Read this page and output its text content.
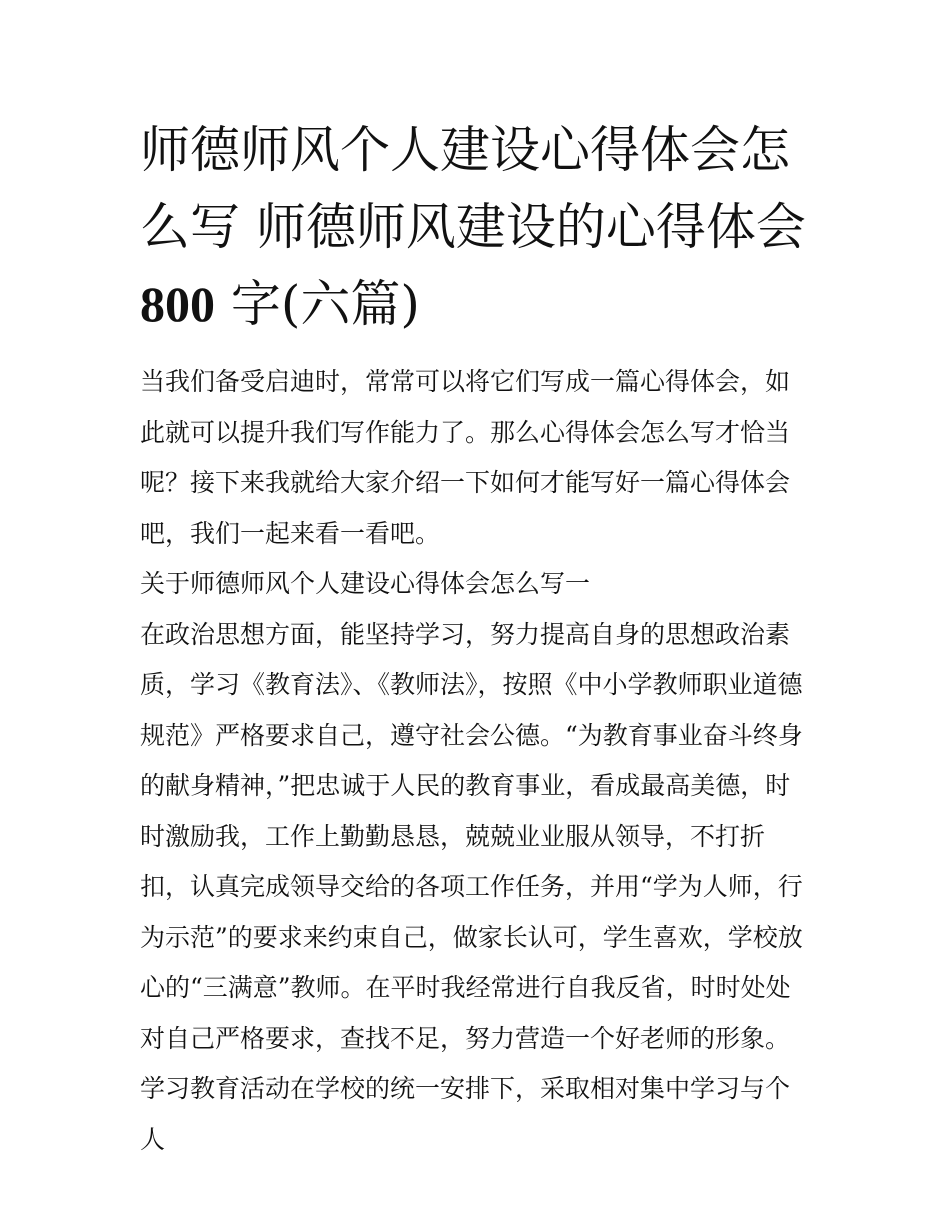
师德师风个人建设心得体会怎么写 师德师风建设的心得体会800 字(六篇)

当我们备受启迪时，常常可以将它们写成一篇心得体会，如此就可以提升我们写作能力了。那么心得体会怎么写才恰当呢？接下来我就给大家介绍一下如何才能写好一篇心得体会吧，我们一起来看一看吧。

关于师德师风个人建设心得体会怎么写一

在政治思想方面，能坚持学习，努力提高自身的思想政治素质，学习《教育法》、《教师法》，按照《中小学教师职业道德规范》严格要求自己，遵守社会公德。“为教育事业奋斗终身的献身精神，”把忠诚于人民的教育事业，看成最高美德，时时激励我，工作上勤勤恳恳，兢兢业业服从领导，不打折扣，认真完成领导交给的各项工作任务，并用“学为人师，行为示范”的要求来约束自己，做家长认可，学生喜欢，学校放心的“三满意”教师。在平时我经常进行自我反省，时时处处对自己严格要求，查找不足，努力营造一个好老师的形象。

学习教育活动在学校的统一安排下，采取相对集中学习与个人
